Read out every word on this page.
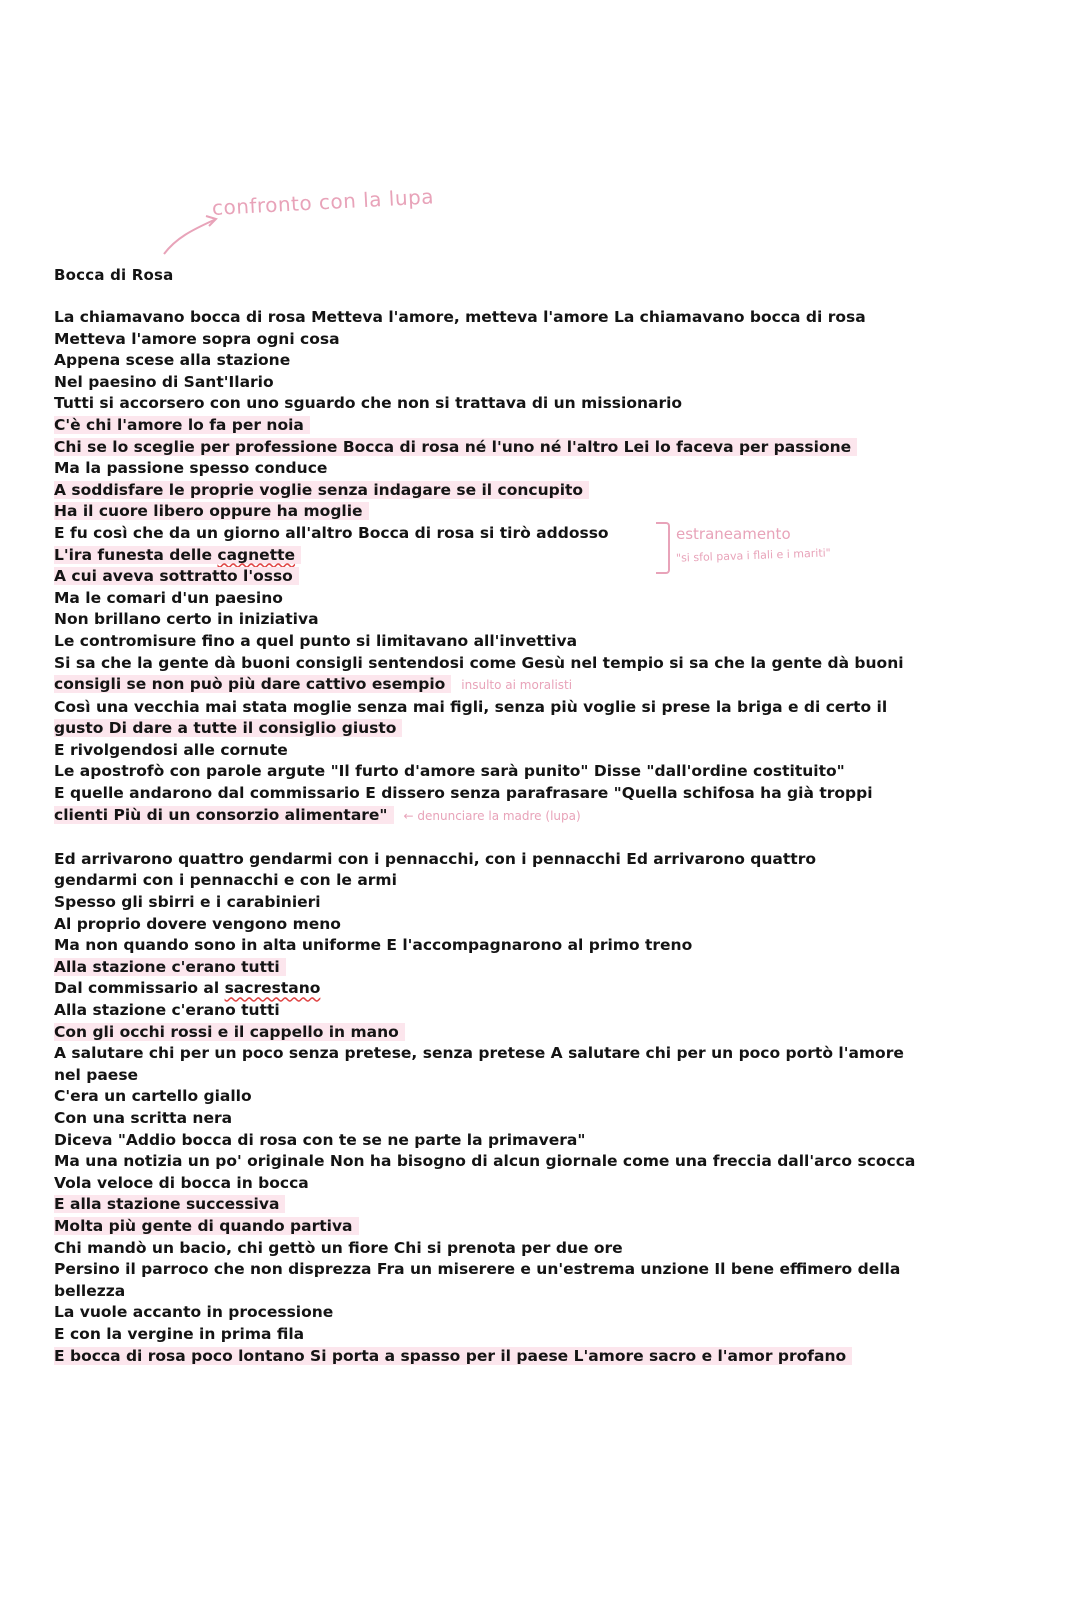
confronto con la lupa
Bocca di Rosa
estraneamento
"si sfol pava i flali e i mariti"
La chiamavano bocca di rosa Metteva l'amore, metteva l'amore La chiamavano bocca di rosa
Metteva l'amore sopra ogni cosa
Appena scese alla stazione
Nel paesino di Sant'Ilario
Tutti si accorsero con uno sguardo che non si trattava di un missionario
C'è chi l'amore lo fa per noia
Chi se lo sceglie per professione Bocca di rosa né l'uno né l'altro Lei lo faceva per passione
Ma la passione spesso conduce
A soddisfare le proprie voglie senza indagare se il concupito
Ha il cuore libero oppure ha moglie
E fu così che da un giorno all'altro Bocca di rosa si tirò addosso
L'ira funesta delle cagnette
A cui aveva sottratto l'osso
Ma le comari d'un paesino
Non brillano certo in iniziativa
Le contromisure fino a quel punto si limitavano all'invettiva
Si sa che la gente dà buoni consigli sentendosi come Gesù nel tempio si sa che la gente dà buoni
consigli se non può più dare cattivo esempio insulto ai moralisti
Così una vecchia mai stata moglie senza mai figli, senza più voglie si prese la briga e di certo il
gusto Di dare a tutte il consiglio giusto
E rivolgendosi alle cornute
Le apostrofò con parole argute "Il furto d'amore sarà punito" Disse "dall'ordine costituito"
E quelle andarono dal commissario E dissero senza parafrasare "Quella schifosa ha già troppi
clienti Più di un consorzio alimentare" ← denunciare la madre (lupa)
Ed arrivarono quattro gendarmi con i pennacchi, con i pennacchi Ed arrivarono quattro
gendarmi con i pennacchi e con le armi
Spesso gli sbirri e i carabinieri
Al proprio dovere vengono meno
Ma non quando sono in alta uniforme E l'accompagnarono al primo treno
Alla stazione c'erano tutti
Dal commissario al sacrestano
Alla stazione c'erano tutti
Con gli occhi rossi e il cappello in mano
A salutare chi per un poco senza pretese, senza pretese A salutare chi per un poco portò l'amore
nel paese
C'era un cartello giallo
Con una scritta nera
Diceva "Addio bocca di rosa con te se ne parte la primavera"
Ma una notizia un po' originale Non ha bisogno di alcun giornale come una freccia dall'arco scocca
Vola veloce di bocca in bocca
E alla stazione successiva
Molta più gente di quando partiva
Chi mandò un bacio, chi gettò un fiore Chi si prenota per due ore
Persino il parroco che non disprezza Fra un miserere e un'estrema unzione Il bene effimero della
bellezza
La vuole accanto in processione
E con la vergine in prima fila
E bocca di rosa poco lontano Si porta a spasso per il paese L'amore sacro e l'amor profano
